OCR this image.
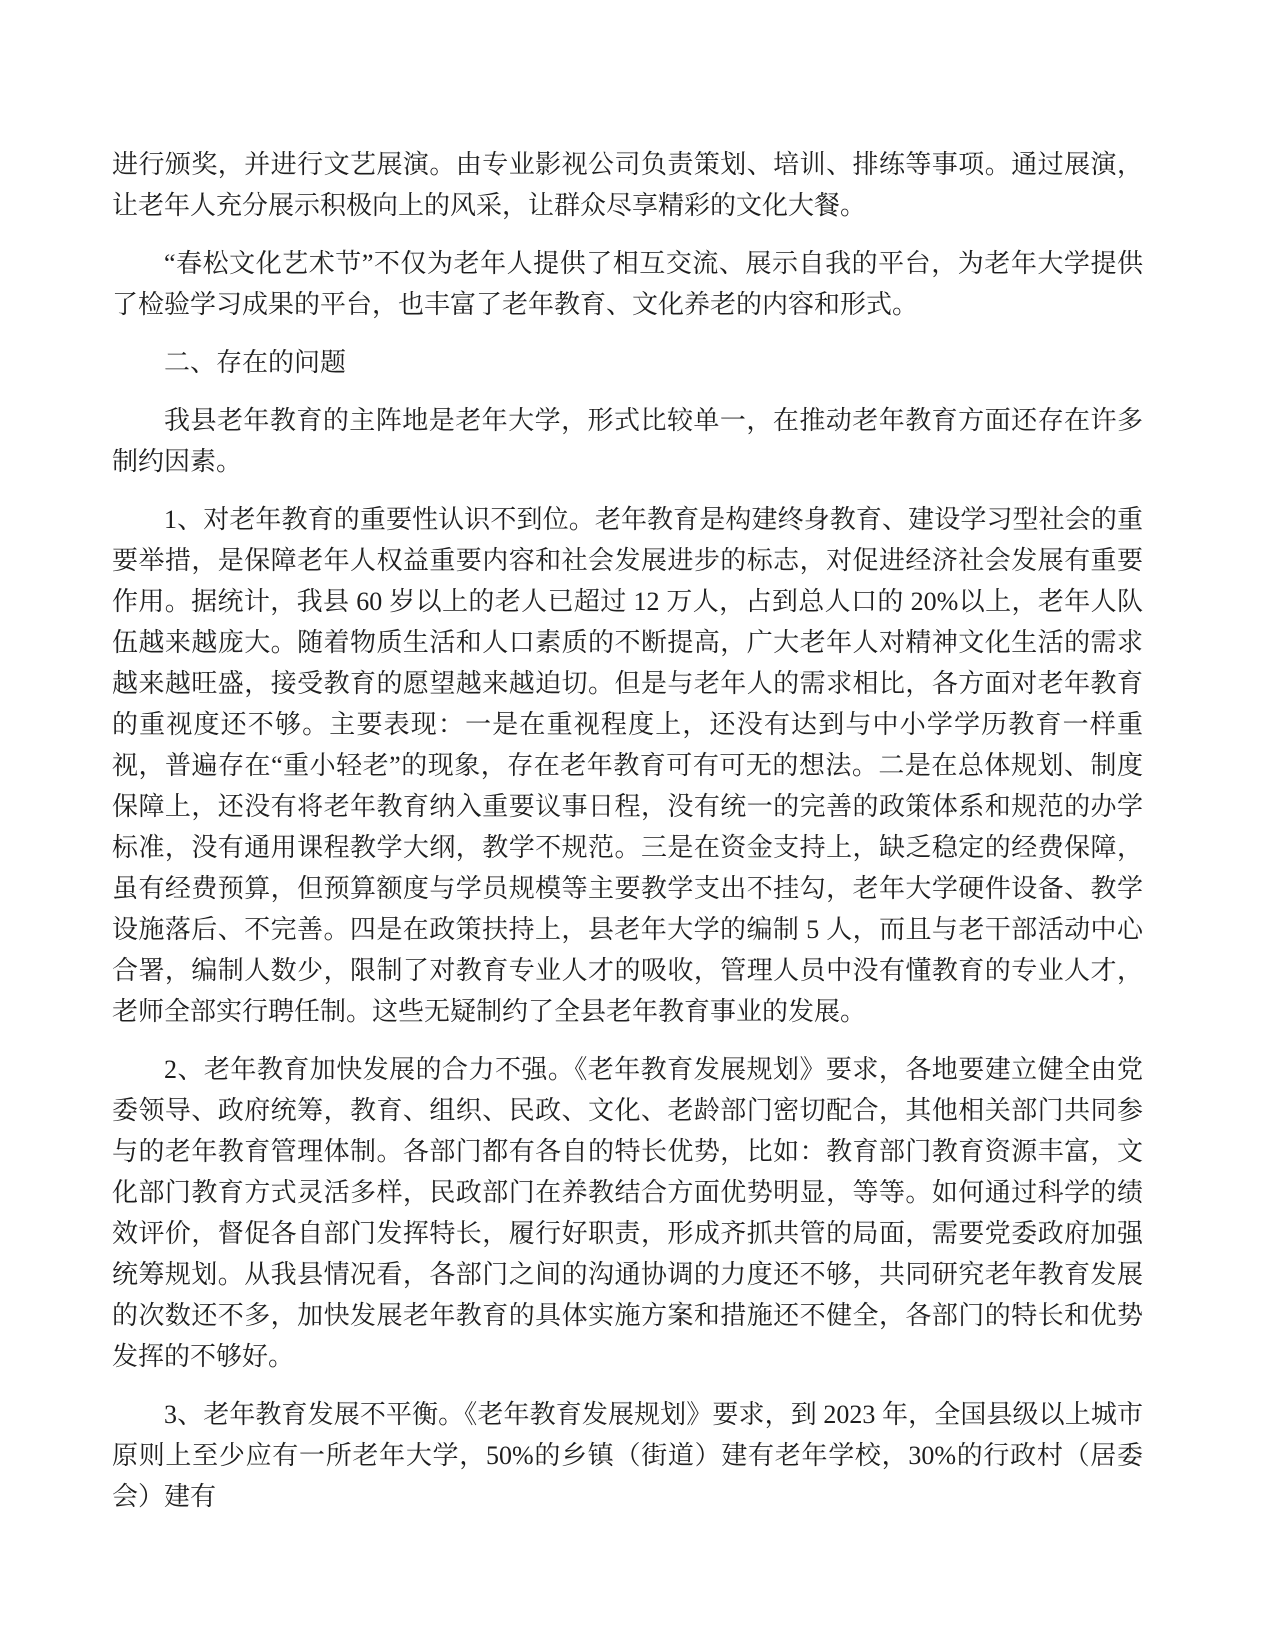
进行颁奖，并进行文艺展演。由专业影视公司负责策划、培训、排练等事项。通过展演，让老年人充分展示积极向上的风采，让群众尽享精彩的文化大餐。

“春松文化艺术节”不仅为老年人提供了相互交流、展示自我的平台，为老年大学提供了检验学习成果的平台，也丰富了老年教育、文化养老的内容和形式。

二、存在的问题

我县老年教育的主阵地是老年大学，形式比较单一，在推动老年教育方面还存在许多制约因素。

1、对老年教育的重要性认识不到位。老年教育是构建终身教育、建设学习型社会的重要举措，是保障老年人权益重要内容和社会发展进步的标志，对促进经济社会发展有重要作用。据统计，我县 60 岁以上的老人已超过 12 万人，占到总人口的 20%以上，老年人队伍越来越庞大。随着物质生活和人口素质的不断提高，广大老年人对精神文化生活的需求越来越旺盛，接受教育的愿望越来越迫切。但是与老年人的需求相比，各方面对老年教育的重视度还不够。主要表现：一是在重视程度上，还没有达到与中小学学历教育一样重视，普遍存在“重小轻老”的现象，存在老年教育可有可无的想法。二是在总体规划、制度保障上，还没有将老年教育纳入重要议事日程，没有统一的完善的政策体系和规范的办学标准，没有通用课程教学大纲，教学不规范。三是在资金支持上，缺乏稳定的经费保障，虽有经费预算，但预算额度与学员规模等主要教学支出不挂勾，老年大学硬件设备、教学设施落后、不完善。四是在政策扶持上，县老年大学的编制 5 人，而且与老干部活动中心合署，编制人数少，限制了对教育专业人才的吸收，管理人员中没有懂教育的专业人才，老师全部实行聘任制。这些无疑制约了全县老年教育事业的发展。

2、老年教育加快发展的合力不强。《老年教育发展规划》要求，各地要建立健全由党委领导、政府统筹，教育、组织、民政、文化、老龄部门密切配合，其他相关部门共同参与的老年教育管理体制。各部门都有各自的特长优势，比如：教育部门教育资源丰富，文化部门教育方式灵活多样，民政部门在养教结合方面优势明显，等等。如何通过科学的绩效评价，督促各自部门发挥特长，履行好职责，形成齐抓共管的局面，需要党委政府加强统筹规划。从我县情况看，各部门之间的沟通协调的力度还不够，共同研究老年教育发展的次数还不多，加快发展老年教育的具体实施方案和措施还不健全，各部门的特长和优势发挥的不够好。

3、老年教育发展不平衡。《老年教育发展规划》要求，到 2023 年，全国县级以上城市原则上至少应有一所老年大学，50%的乡镇（街道）建有老年学校，30%的行政村（居委会）建有
